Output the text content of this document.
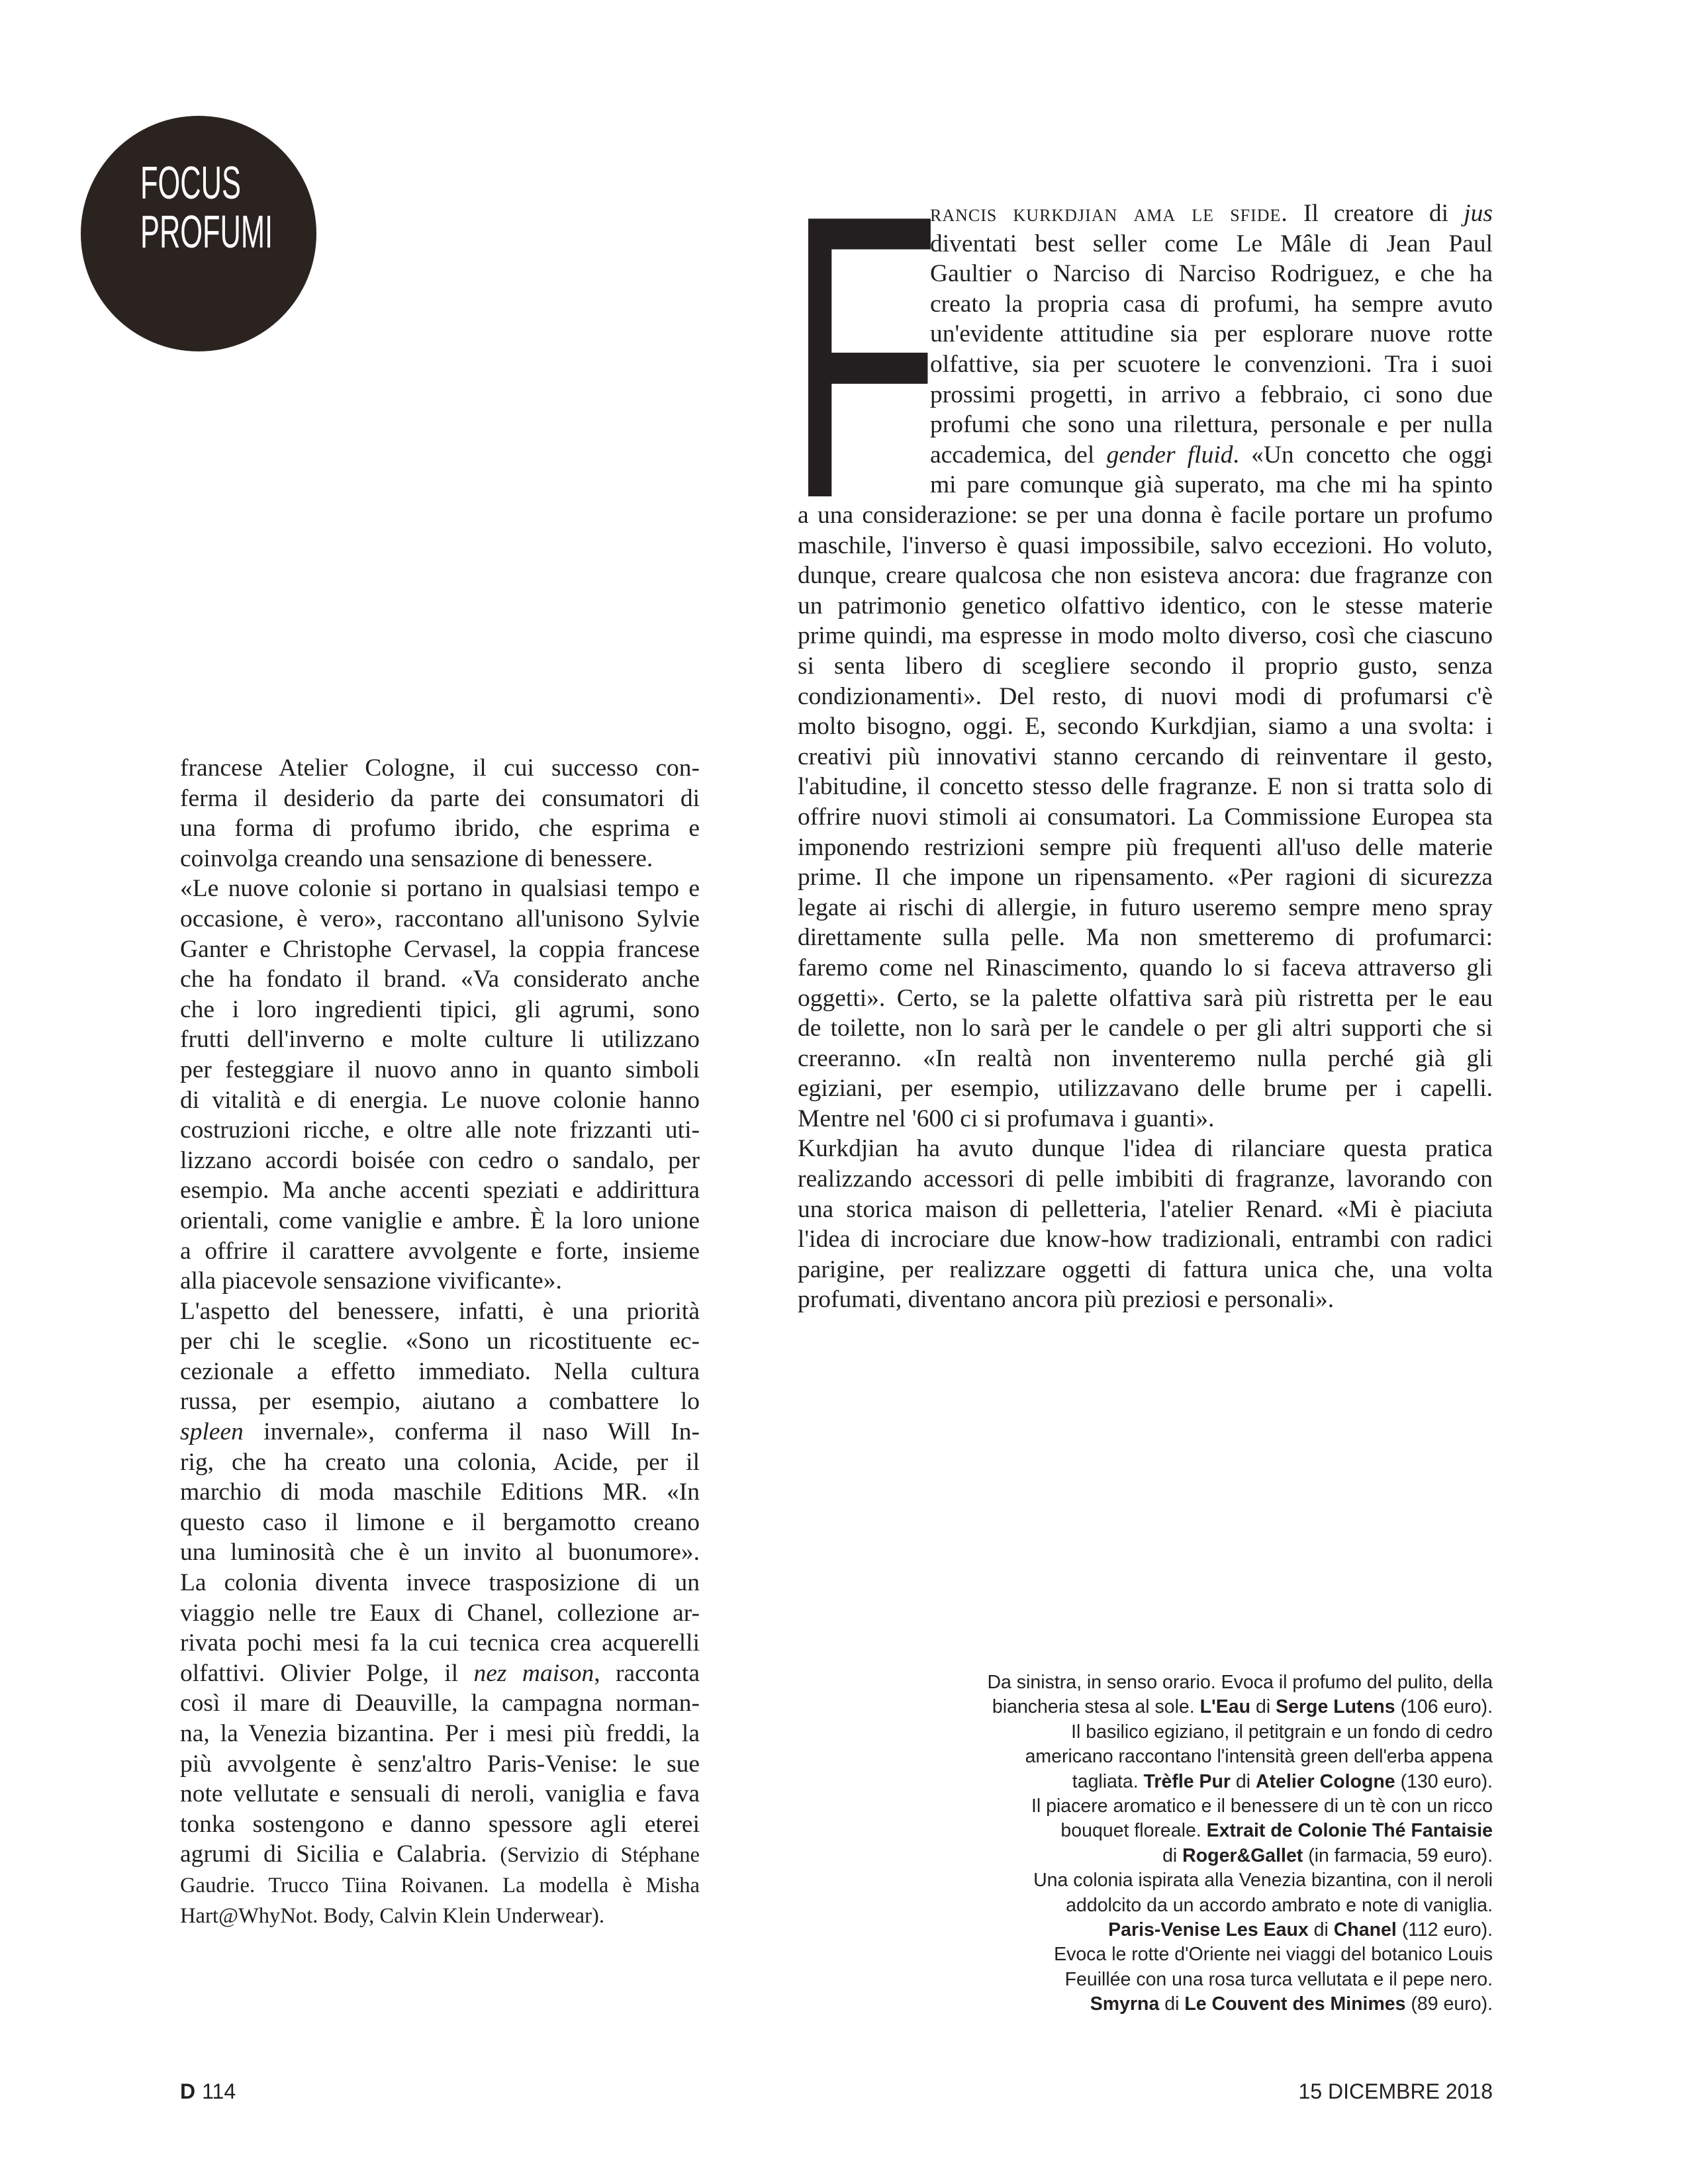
FOCUS
PROFUMI F
rancis kurkdjian ama le sfide. Il creatore di jus
diventati best seller come Le Mâle di Jean Paul
Gaultier o Narciso di Narciso Rodriguez, e che ha
creato la propria casa di profumi, ha sempre avuto
un'evidente attitudine sia per esplorare nuove rotte
olfattive, sia per scuotere le convenzioni. Tra i suoi
prossimi progetti, in arrivo a febbraio, ci sono due
profumi che sono una rilettura, personale e per nulla
accademica, del gender fluid. «Un concetto che oggi
mi pare comunque già superato, ma che mi ha spinto
a una considerazione: se per una donna è facile portare un profumo
maschile, l'inverso è quasi impossibile, salvo eccezioni. Ho voluto,
dunque, creare qualcosa che non esisteva ancora: due fragranze con
un patrimonio genetico olfattivo identico, con le stesse materie
prime quindi, ma espresse in modo molto diverso, così che ciascuno
si senta libero di scegliere secondo il proprio gusto, senza
condizionamenti». Del resto, di nuovi modi di profumarsi c'è
molto bisogno, oggi. E, secondo Kurkdjian, siamo a una svolta: i
creativi più innovativi stanno cercando di reinventare il gesto,
l'abitudine, il concetto stesso delle fragranze. E non si tratta solo di
offrire nuovi stimoli ai consumatori. La Commissione Europea sta
imponendo restrizioni sempre più frequenti all'uso delle materie
prime. Il che impone un ripensamento. «Per ragioni di sicurezza
legate ai rischi di allergie, in futuro useremo sempre meno spray
direttamente sulla pelle. Ma non smetteremo di profumarci:
faremo come nel Rinascimento, quando lo si faceva attraverso gli
oggetti». Certo, se la palette olfattiva sarà più ristretta per le eau
de toilette, non lo sarà per le candele o per gli altri supporti che si
creeranno. «In realtà non inventeremo nulla perché già gli
egiziani, per esempio, utilizzavano delle brume per i capelli.
Mentre nel '600 ci si profumava i guanti».
Kurkdjian ha avuto dunque l'idea di rilanciare questa pratica
realizzando accessori di pelle imbibiti di fragranze, lavorando con
una storica maison di pelletteria, l'atelier Renard. «Mi è piaciuta
l'idea di incrociare due know-how tradizionali, entrambi con radici
parigine, per realizzare oggetti di fattura unica che, una volta
profumati, diventano ancora più preziosi e personali».
francese Atelier Cologne, il cui successo con-
ferma il desiderio da parte dei consumatori di
una forma di profumo ibrido, che esprima e
coinvolga creando una sensazione di benessere.
«Le nuove colonie si portano in qualsiasi tempo e
occasione, è vero», raccontano all'unisono Sylvie
Ganter e Christophe Cervasel, la coppia francese
che ha fondato il brand. «Va considerato anche
che i loro ingredienti tipici, gli agrumi, sono
frutti dell'inverno e molte culture li utilizzano
per festeggiare il nuovo anno in quanto simboli
di vitalità e di energia. Le nuove colonie hanno
costruzioni ricche, e oltre alle note frizzanti uti-
lizzano accordi boisée con cedro o sandalo, per
esempio. Ma anche accenti speziati e addirittura
orientali, come vaniglie e ambre. È la loro unione
a offrire il carattere avvolgente e forte, insieme
alla piacevole sensazione vivificante».
L'aspetto del benessere, infatti, è una priorità
per chi le sceglie. «Sono un ricostituente ec-
cezionale a effetto immediato. Nella cultura
russa, per esempio, aiutano a combattere lo
spleen invernale», conferma il naso Will In-
rig, che ha creato una colonia, Acide, per il
marchio di moda maschile Editions MR. «In
questo caso il limone e il bergamotto creano
una luminosità che è un invito al buonumore».
La colonia diventa invece trasposizione di un
viaggio nelle tre Eaux di Chanel, collezione ar-
rivata pochi mesi fa la cui tecnica crea acquerelli
olfattivi. Olivier Polge, il nez maison, racconta
così il mare di Deauville, la campagna norman-
na, la Venezia bizantina. Per i mesi più freddi, la
più avvolgente è senz'altro Paris-Venise: le sue
note vellutate e sensuali di neroli, vaniglia e fava
tonka sostengono e danno spessore agli eterei
agrumi di Sicilia e Calabria. (Servizio di Stéphane
Gaudrie. Trucco Tiina Roivanen. La modella è Misha
Hart@WhyNot. Body, Calvin Klein Underwear).
Da sinistra, in senso orario. Evoca il profumo del pulito, della
biancheria stesa al sole. L'Eau di Serge Lutens (106 euro).
Il basilico egiziano, il petitgrain e un fondo di cedro
americano raccontano l'intensità green dell'erba appena
tagliata. Trèfle Pur di Atelier Cologne (130 euro).
Il piacere aromatico e il benessere di un tè con un ricco
bouquet floreale. Extrait de Colonie Thé Fantaisie
di Roger&Gallet (in farmacia, 59 euro).
Una colonia ispirata alla Venezia bizantina, con il neroli
addolcito da un accordo ambrato e note di vaniglia.
Paris-Venise Les Eaux di Chanel (112 euro).
Evoca le rotte d'Oriente nei viaggi del botanico Louis
Feuillée con una rosa turca vellutata e il pepe nero.
Smyrna di Le Couvent des Minimes (89 euro).
D 114	15 DICEMBRE 2018
